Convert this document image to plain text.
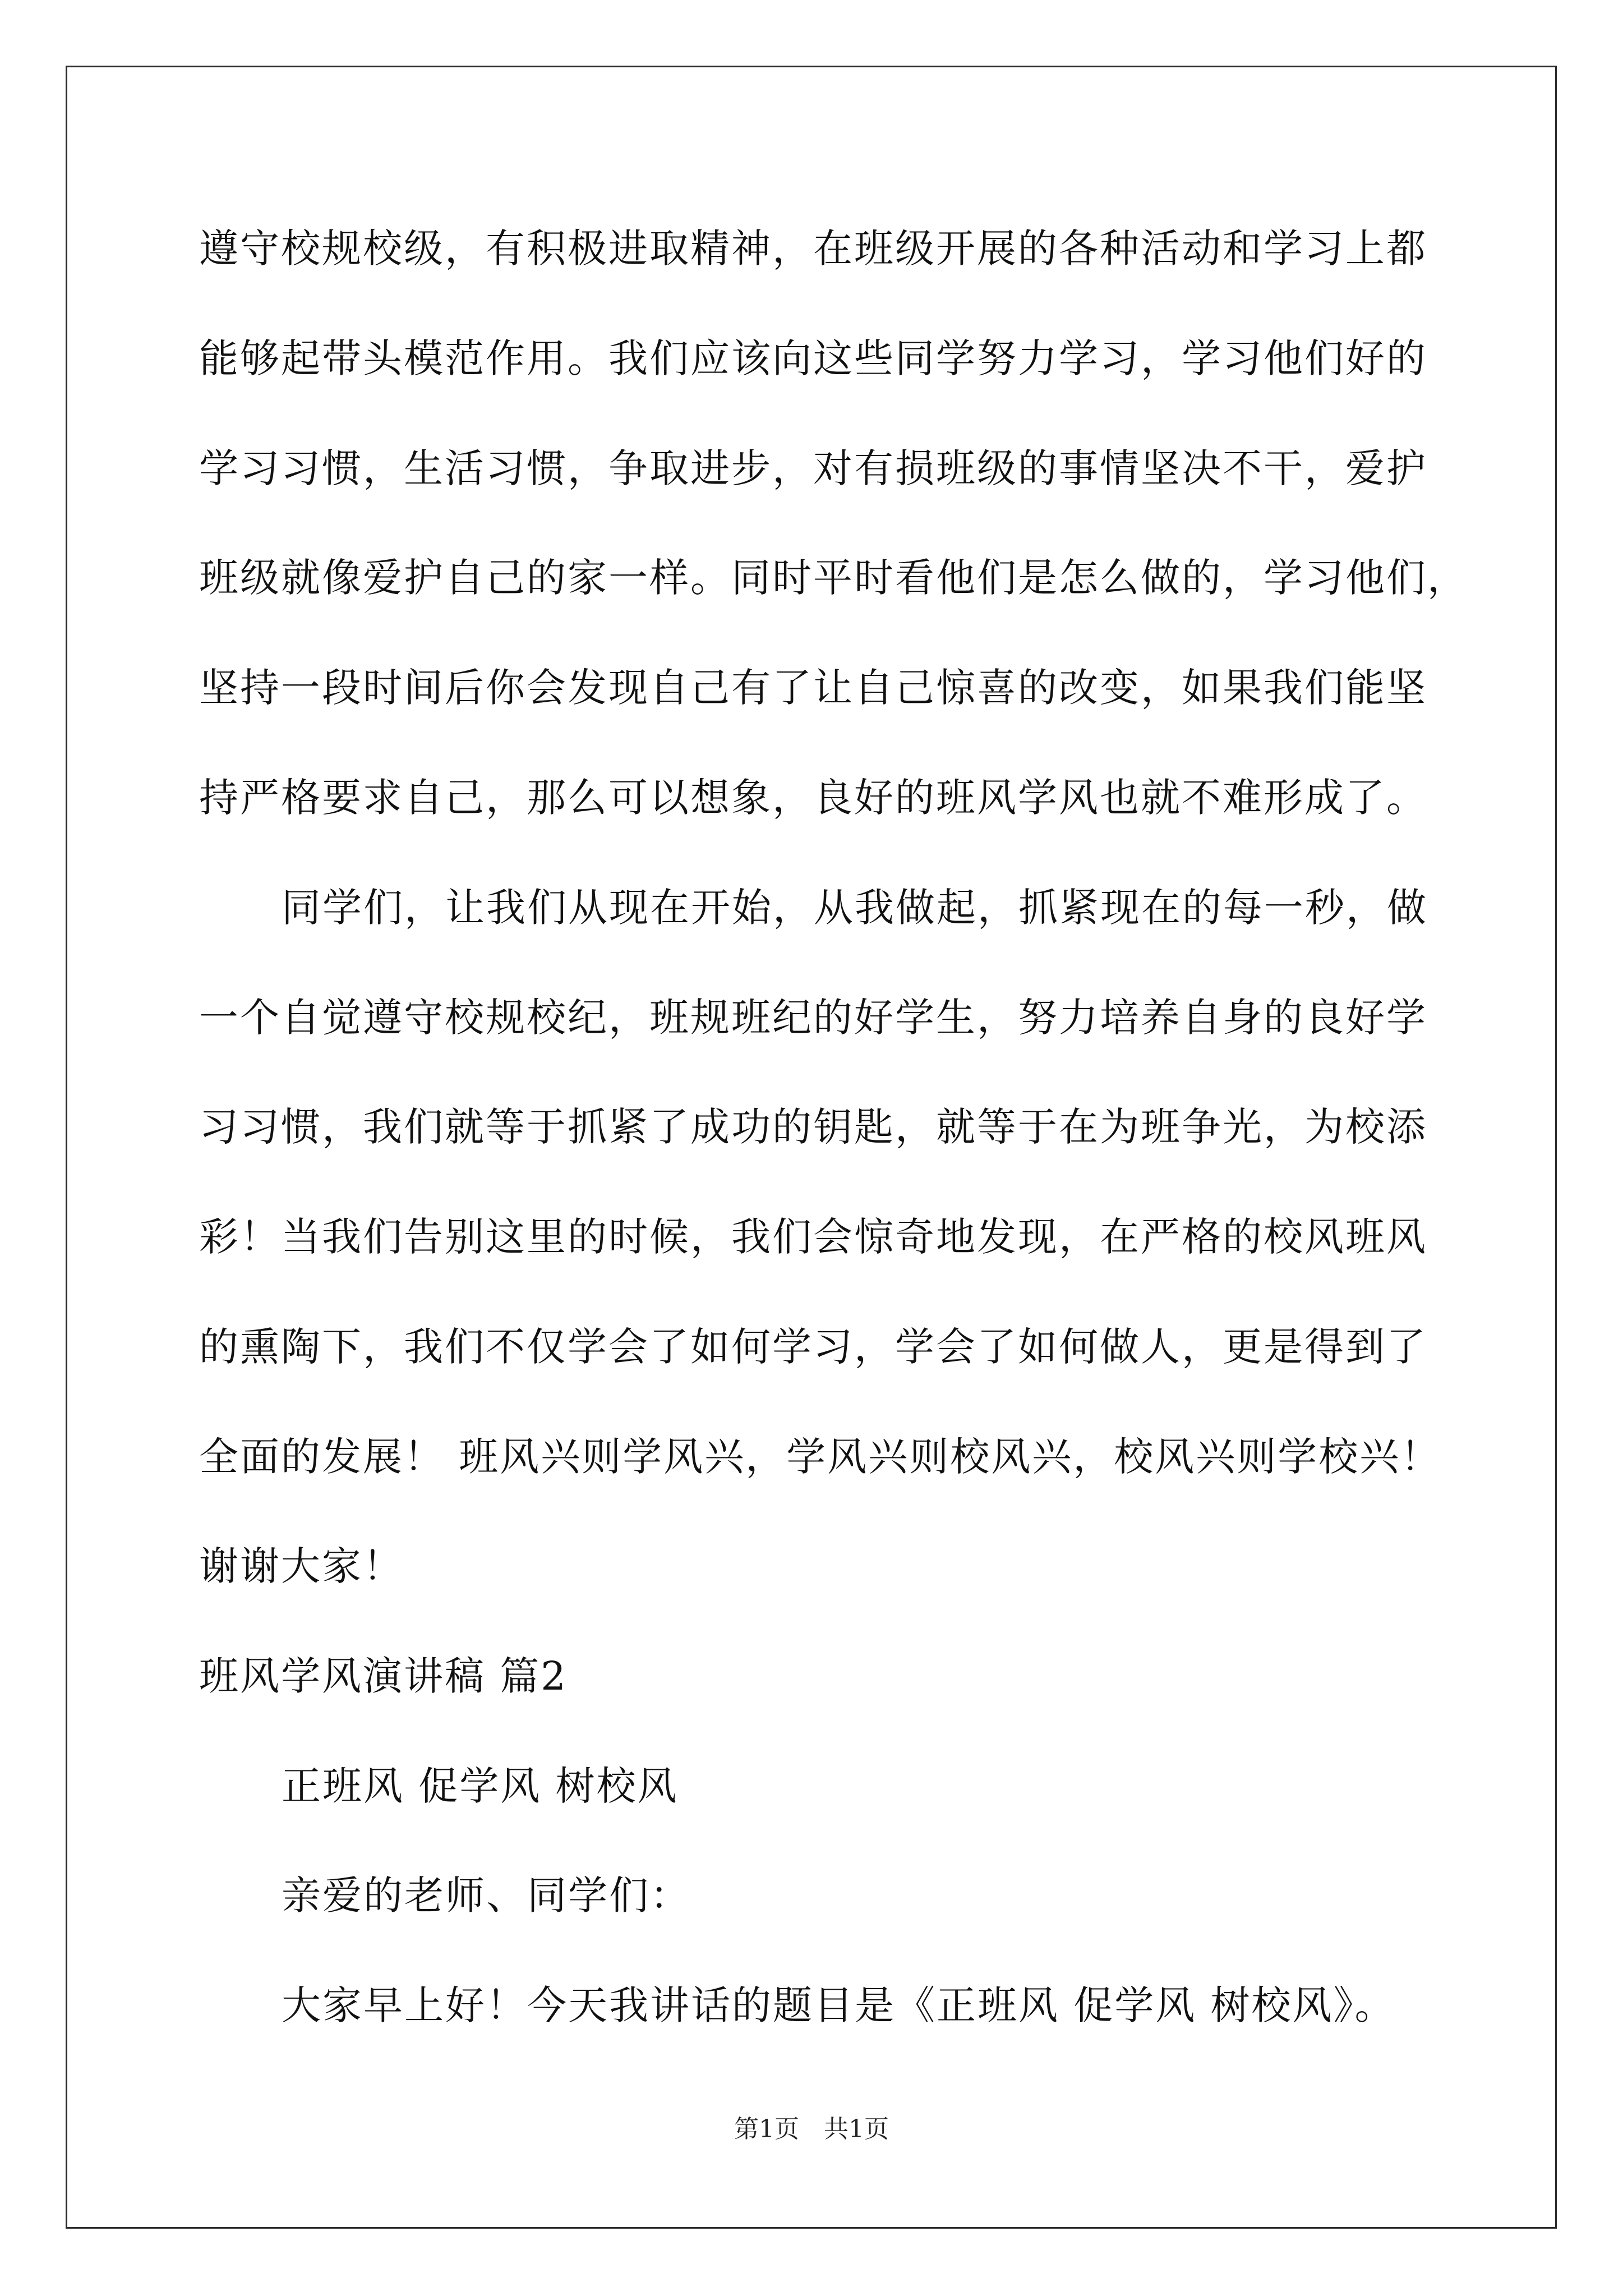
遵守校规校级，有积极进取精神，在班级开展的各种活动和学习上都
能够起带头模范作用。我们应该向这些同学努力学习，学习他们好的
学习习惯，生活习惯，争取进步，对有损班级的事情坚决不干，爱护
班级就像爱护自己的家一样。同时平时看他们是怎么做的，学习他们，
坚持一段时间后你会发现自己有了让自己惊喜的改变，如果我们能坚
持严格要求自己，那么可以想象，良好的班风学风也就不难形成了。
同学们，让我们从现在开始，从我做起，抓紧现在的每一秒，做
一个自觉遵守校规校纪，班规班纪的好学生，努力培养自身的良好学
习习惯，我们就等于抓紧了成功的钥匙，就等于在为班争光，为校添
彩！当我们告别这里的时候，我们会惊奇地发现，在严格的校风班风
的熏陶下，我们不仅学会了如何学习，学会了如何做人，更是得到了
全面的发展！ 班风兴则学风兴，学风兴则校风兴，校风兴则学校兴！
谢谢大家！
班风学风演讲稿 篇2
正班风 促学风 树校风
亲爱的老师、同学们：
大家早上好！今天我讲话的题目是《正班风 促学风 树校风》。
第1页　共1页
